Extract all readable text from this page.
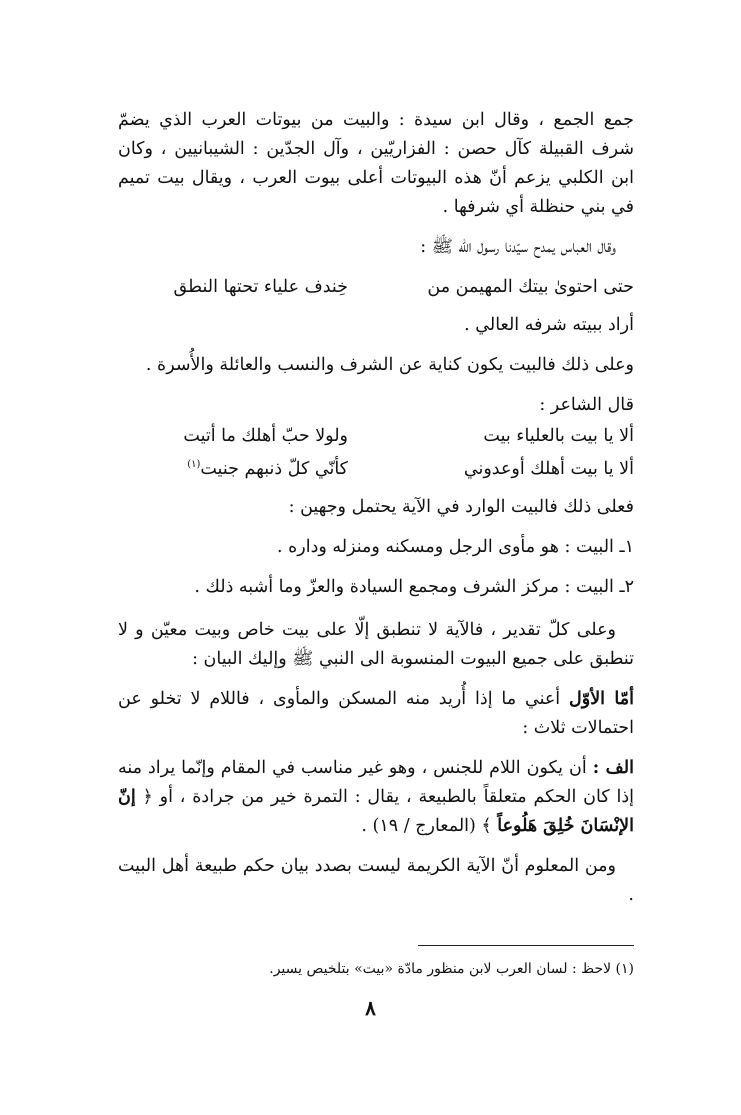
جمع الجمع ، وقال ابن سيدة : والبيت من بيوتات العرب الذي يضمّ شرف القبيلة كآل حصن : الفزاريّين ، وآل الجدّين : الشيبانيين ، وكان ابن الكلبي يزعم أنّ هذه البيوتات أعلى بيوت العرب ، ويقال بيت تميم في بني حنظلة أي شرفها .

وقال العباس يمدح سيّدنا رسول الله ﷺ :

حتى احتوىٰ بيتك المهيمن من
خِندف علياء تحتها النطق

أراد ببيته شرفه العالي .

وعلى ذلك فالبيت يكون كناية عن الشرف والنسب والعائلة والأُسرة .

قال الشاعر :

ألا يا بيت بالعلياء بيت
ولولا حبّ أهلك ما أتيت
ألا يا بيت أهلك أوعدوني
كأنّي كلّ ذنبهم جنيت$^{(١)}$

فعلى ذلك فالبيت الوارد في الآية يحتمل وجهين :

١ـ البيت : هو مأوى الرجل ومسكنه ومنزله وداره .

٢ـ البيت : مركز الشرف ومجمع السيادة والعزّ وما أشبه ذلك .

وعلى كلّ تقدير ، فالآية لا تنطبق إلّا على بيت خاص وبيت معيّن و لا تنطبق على جميع البيوت المنسوبة الى النبي ﷺ وإليك البيان :

أمّا الأوّل أعني ما إذا أُريد منه المسكن والمأوى ، فاللام لا تخلو عن احتمالات ثلاث :

الف : أن يكون اللام للجنس ، وهو غير مناسب في المقام وإنّما يراد منه إذا كان الحكم متعلقاً بالطبيعة ، يقال : التمرة خير من جرادة ، أو ﴿ إنّ الإنْسَانَ خُلِقَ هَلُوعاً ﴾ (المعارج / ١٩) .

ومن المعلوم أنّ الآية الكريمة ليست بصدد بيان حكم طبيعة أهل البيت .

(١) لاحظ : لسان العرب لابن منظور مادّة «بيت» بتلخيص يسير.
٨
